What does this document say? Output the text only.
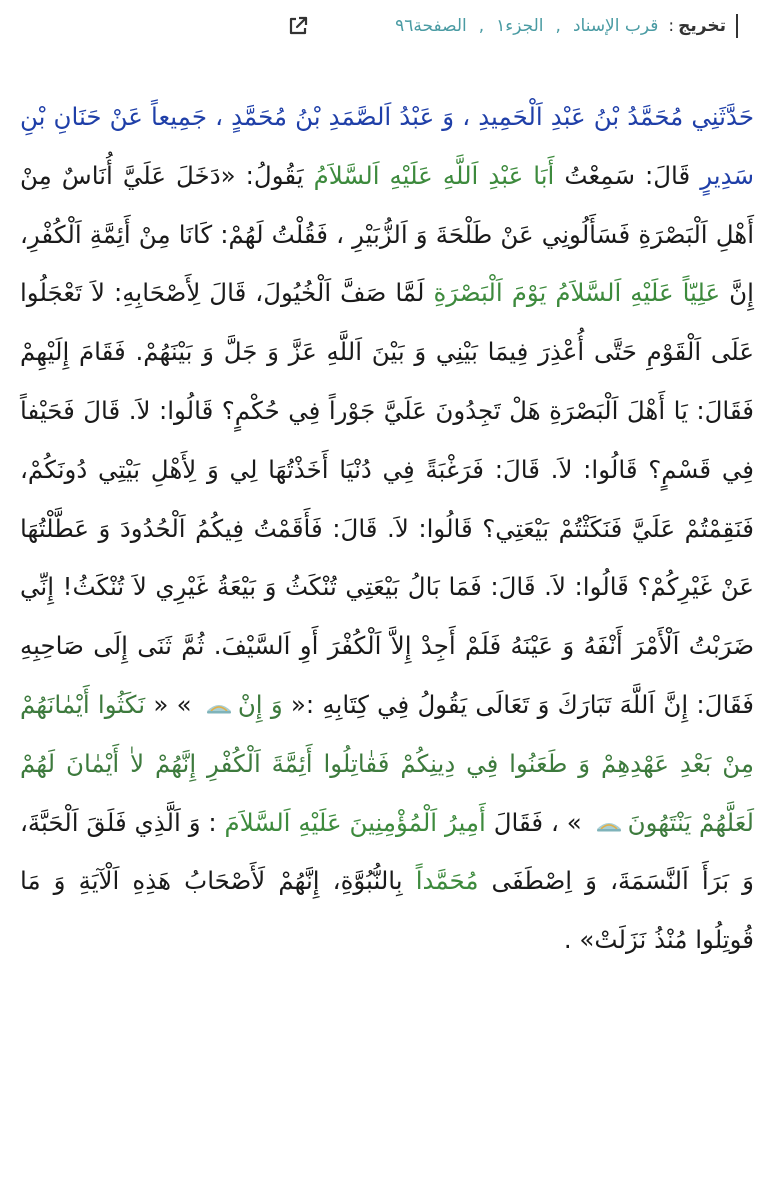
تخريج
:
قرب الإسناد
,
الجزء١
,
الصفحة٩٦
حَدَّثَنِي مُحَمَّدُ بْنُ عَبْدِ اَلْحَمِيدِ ، وَ عَبْدُ اَلصَّمَدِ بْنُ مُحَمَّدٍ ، جَمِيعاً عَنْ حَنَانِ بْنِ سَدِيرٍ قَالَ: سَمِعْتُ أَبَا عَبْدِ اَللَّهِ عَلَيْهِ اَلسَّلاَمُ يَقُولُ: «دَخَلَ عَلَيَّ أُنَاسٌ مِنْ أَهْلِ اَلْبَصْرَةِ فَسَأَلُونِي عَنْ طَلْحَةَ وَ اَلزُّبَيْرِ ، فَقُلْتُ لَهُمْ: كَانَا مِنْ أَئِمَّةِ اَلْكُفْرِ، إِنَّ عَلِيّاً عَلَيْهِ اَلسَّلاَمُ يَوْمَ اَلْبَصْرَةِ لَمَّا صَفَّ اَلْخُيُولَ، قَالَ لِأَصْحَابِهِ: لاَ تَعْجَلُوا عَلَى اَلْقَوْمِ حَتَّى أُعْذِرَ فِيمَا بَيْنِي وَ بَيْنَ اَللَّهِ عَزَّ وَ جَلَّ وَ بَيْنَهُمْ. فَقَامَ إِلَيْهِمْ فَقَالَ: يَا أَهْلَ اَلْبَصْرَةِ هَلْ تَجِدُونَ عَلَيَّ جَوْراً فِي حُكْمٍ؟ قَالُوا: لاَ. قَالَ فَحَيْفاً فِي قَسْمٍ؟ قَالُوا: لاَ. قَالَ: فَرَغْبَةً فِي دُنْيَا أَخَذْتُهَا لِي وَ لِأَهْلِ بَيْتِي دُونَكُمْ، فَنَقِمْتُمْ عَلَيَّ فَنَكَثْتُمْ بَيْعَتِي؟ قَالُوا: لاَ. قَالَ: فَأَقَمْتُ فِيكُمُ اَلْحُدُودَ وَ عَطَّلْتُهَا عَنْ غَيْرِكُمْ؟ قَالُوا: لاَ. قَالَ: فَمَا بَالُ بَيْعَتِي تُنْكَثُ وَ بَيْعَةُ غَيْرِي لاَ تُنْكَثُ! إِنِّي ضَرَبْتُ اَلْأَمْرَ أَنْفَهُ وَ عَيْنَهُ فَلَمْ أَجِدْ إِلاَّ اَلْكُفْرَ أَوِ اَلسَّيْفَ. ثُمَّ ثَنَى إِلَى صَاحِبِهِ فَقَالَ: إِنَّ اَللَّهَ تَبَارَكَ وَ تَعَالَى يَقُولُ فِي كِتَابِهِ :« وَ إِنْ » « نَكَثُوا أَيْمٰانَهُمْ مِنْ بَعْدِ عَهْدِهِمْ وَ طَعَنُوا فِي دِينِكُمْ فَقٰاتِلُوا أَئِمَّةَ اَلْكُفْرِ إِنَّهُمْ لاٰ أَيْمٰانَ لَهُمْ لَعَلَّهُمْ يَنْتَهُونَ » ، فَقَالَ أَمِيرُ اَلْمُؤْمِنِينَ عَلَيْهِ اَلسَّلاَمَ : وَ اَلَّذِي فَلَقَ اَلْحَبَّةَ، وَ بَرَأَ اَلنَّسَمَةَ، وَ اِصْطَفَى مُحَمَّداً بِالنُّبُوَّةِ، إِنَّهُمْ لَأَصْحَابُ هَذِهِ اَلْآيَةِ وَ مَا قُوتِلُوا مُنْذُ نَزَلَتْ» .
